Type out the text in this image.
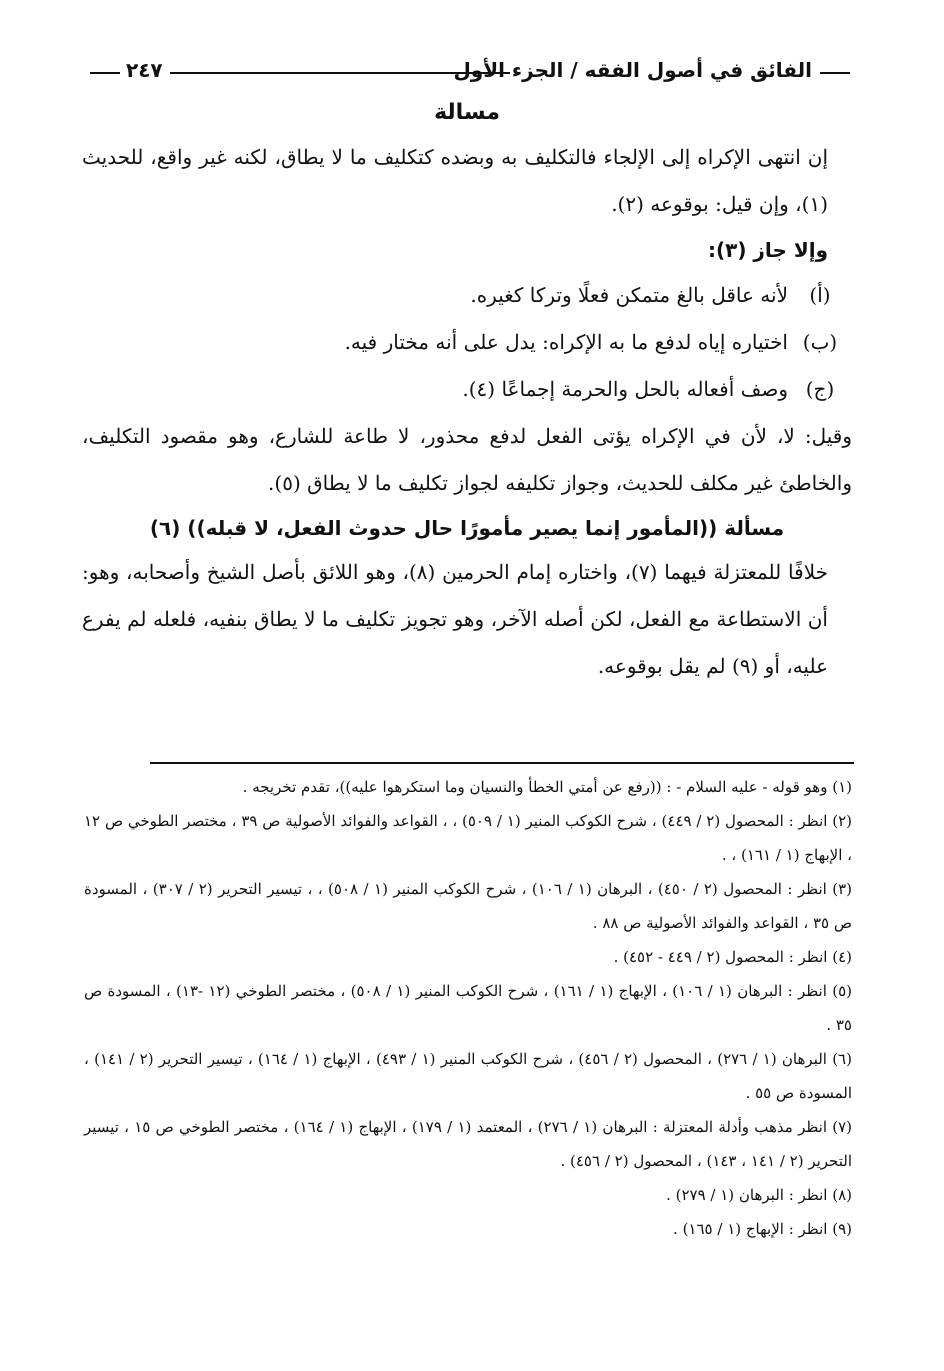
الفائق في أصول الفقه / الجزء الأول
٢٤٧

مسالة

إن انتهى الإكراه إلى الإلجاء فالتكليف به وبضده كتكليف ما لا يطاق، لكنه غير واقع، للحديث (١)، وإن قيل: بوقوعه (٢).

وإلا جاز (٣):

(أ)
لأنه عاقل بالغ متمكن فعلًا وتركا كغيره.
(ب)
اختياره إياه لدفع ما به الإكراه: يدل على أنه مختار فيه.
(ج)
وصف أفعاله بالحل والحرمة إجماعًا (٤).

وقيل: لا، لأن في الإكراه يؤتى الفعل لدفع محذور، لا طاعة للشارع، وهو مقصود التكليف، والخاطئ غير مكلف للحديث، وجواز تكليفه لجواز تكليف ما لا يطاق (٥).

مسألة ((المأمور إنما يصير مأمورًا حال حدوث الفعل، لا قبله)) (٦)

خلافًا للمعتزلة فيهما (٧)، واختاره إمام الحرمين (٨)، وهو اللائق بأصل الشيخ وأصحابه، وهو: أن الاستطاعة مع الفعل، لكن أصله الآخر، وهو تجويز تكليف ما لا يطاق بنفيه، فلعله لم يفرع عليه، أو (٩) لم يقل بوقوعه.

(١) وهو قوله - عليه السلام - : ((رفع عن أمتي الخطأ والنسيان وما استكرهوا عليه))، تقدم تخريجه .

(٢) انظر : المحصول (٢ / ٤٤٩) ، شرح الكوكب المنير (١ / ٥٠٩) ، ، القواعد والفوائد الأصولية ص ٣٩ ، مختصر الطوخي ص ١٢ ، الإبهاج (١ / ١٦١) ، .

(٣) انظر : المحصول (٢ / ٤٥٠) ، البرهان (١ / ١٠٦) ، شرح الكوكب المنير (١ / ٥٠٨) ، ، تيسير التحرير (٢ / ٣٠٧) ، المسودة ص ٣٥ ، القواعد والفوائد الأصولية ص ٨٨ .

(٤) انظر : المحصول (٢ / ٤٤٩ - ٤٥٢) .

(٥) انظر : البرهان (١ / ١٠٦) ، الإبهاج (١ / ١٦١) ، شرح الكوكب المنير (١ / ٥٠٨) ، مختصر الطوخي (١٢ -١٣) ، المسودة ص ٣٥ .

(٦) البرهان (١ / ٢٧٦) ، المحصول (٢ / ٤٥٦) ، شرح الكوكب المنير (١ / ٤٩٣) ، الإبهاج (١ / ١٦٤) ، تيسير التحرير (٢ / ١٤١) ، المسودة ص ٥٥ .

(٧) انظر مذهب وأدلة المعتزلة : البرهان (١ / ٢٧٦) ، المعتمد (١ / ١٧٩) ، الإبهاج (١ / ١٦٤) ، مختصر الطوخي ص ١٥ ، تيسير التحرير (٢ / ١٤١ ، ١٤٣) ، المحصول (٢ / ٤٥٦) .

(٨) انظر : البرهان (١ / ٢٧٩) .

(٩) انظر : الإبهاج (١ / ١٦٥) .
